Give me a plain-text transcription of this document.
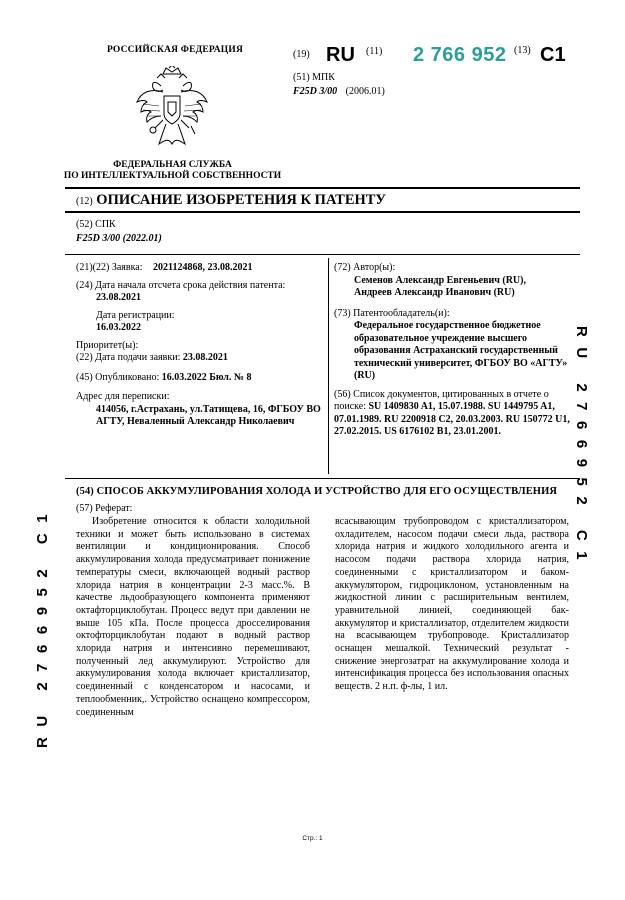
РОССИЙСКАЯ ФЕДЕРАЦИЯ
ФЕДЕРАЛЬНАЯ СЛУЖБА
ПО ИНТЕЛЛЕКТУАЛЬНОЙ СОБСТВЕННОСТИ
(19) RU (11) 2 766 952 (13) C1
(51) МПК
F25D 3/00 (2006.01)
(12) ОПИСАНИЕ ИЗОБРЕТЕНИЯ К ПАТЕНТУ
(52) СПК
F25D 3/00 (2022.01)
(21)(22) Заявка: 2021124868, 23.08.2021
(24) Дата начала отсчета срока действия патента:
23.08.2021
Дата регистрации:
16.03.2022
Приоритет(ы):
(22) Дата подачи заявки: 23.08.2021
(45) Опубликовано: 16.03.2022 Бюл. № 8
Адрес для переписки:
414056, г.Астрахань, ул.Татищева, 16, ФГБОУ ВО АГТУ, Неваленный Александр Николаевич
(72) Автор(ы):
Семенов Александр Евгеньевич (RU),
Андреев Александр Иванович (RU)
(73) Патентообладатель(и):
Федеральное государственное бюджетное образовательное учреждение высшего образования Астраханский государственный технический университет, ФГБОУ ВО «АГТУ» (RU)
(56) Список документов, цитированных в отчете о поиске: SU 1409830 A1, 15.07.1988. SU 1449795 A1, 07.01.1989. RU 2200918 C2, 20.03.2003. RU 150772 U1, 27.02.2015. US 6176102 B1, 23.01.2001.
(54) СПОСОБ АККУМУЛИРОВАНИЯ ХОЛОДА И УСТРОЙСТВО ДЛЯ ЕГО ОСУЩЕСТВЛЕНИЯ
(57) Реферат:
Изобретение относится к области холодильной техники и может быть использовано в системах вентиляции и кондиционирования. Способ аккумулирования холода предусматривает понижение температуры смеси, включающей водный раствор хлорида натрия в концентрации 2-3 масс.%. В качестве льдообразующего компонента применяют октафторциклобутан. Процесс ведут при давлении не выше 105 кПа. После процесса дросселирования октофторциклобутан подают в водный раствор хлорида натрия и интенсивно перемешивают, полученный лед аккумулируют. Устройство для аккумулирования холода включает кристаллизатор, соединенный с конденсатором и насосами, и теплообменник,. Устройство оснащено компрессором, соединенным
всасывающим трубопроводом с кристаллизатором, охладителем, насосом подачи смеси льда, раствора хлорида натрия и жидкого холодильного агента и насосом подачи раствора хлорида натрия, соединенными с кристаллизатором и баком-аккумулятором, гидроциклоном, установленным на жидкостной линии с расширительным вентилем, уравнительной линией, соединяющей бак-аккумулятор и кристаллизатор, отделителем жидкости на всасывающем трубопроводе. Кристаллизатор оснащен мешалкой. Технический результат - снижение энергозатрат на аккумулирование холода и интенсификация процесса без использования опасных веществ. 2 н.п. ф-лы, 1 ил.
RU 2766952 C1
RU 2766952 C1
Стр.: 1
